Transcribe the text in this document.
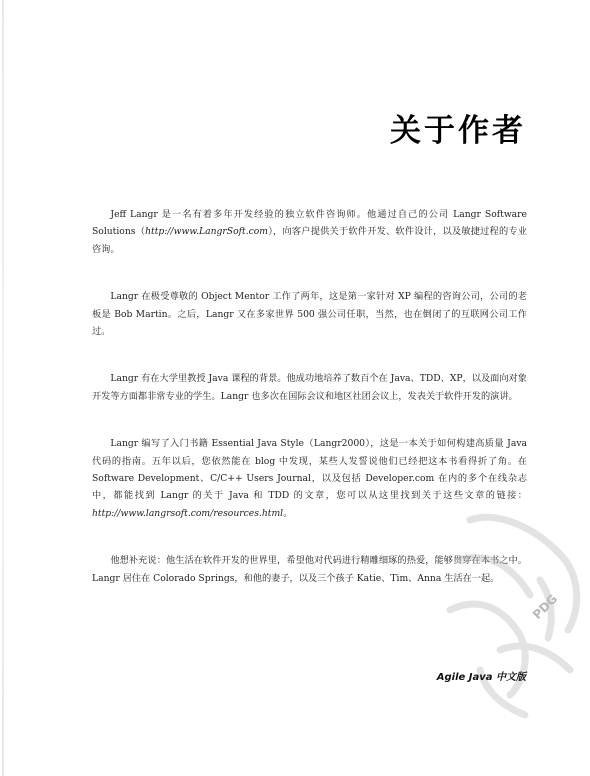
关于作者

Jeff Langr 是一名有着多年开发经验的独立软件咨询师。他通过自己的公司 Langr Software Solutions（http://www.LangrSoft.com），向客户提供关于软件开发、软件设计，以及敏捷过程的专业咨询。

Langr 在极受尊敬的 Object Mentor 工作了两年，这是第一家针对 XP 编程的咨询公司，公司的老板是 Bob Martin。之后，Langr 又在多家世界 500 强公司任职，当然，也在倒闭了的互联网公司工作过。

Langr 有在大学里教授 Java 课程的背景。他成功地培养了数百个在 Java、TDD、XP，以及面向对象开发等方面都非常专业的学生。Langr 也多次在国际会议和地区社团会议上，发表关于软件开发的演讲。

Langr 编写了入门书籍 Essential Java Style（Langr2000），这是一本关于如何构建高质量 Java 代码的指南。五年以后，您依然能在 blog 中发现，某些人发誓说他们已经把这本书看得折了角。在 Software Development、C/C++ Users Journal，以及包括 Developer.com 在内的多个在线杂志中，都能找到 Langr 的关于 Java 和 TDD 的文章，您可以从这里找到关于这些文章的链接：http://www.langrsoft.com/resources.html。

他想补充说：他生活在软件开发的世界里，希望他对代码进行精雕细琢的热爱，能够贯穿在本书之中。Langr 居住在 Colorado Springs，和他的妻子，以及三个孩子 Katie、Tim、Anna 生活在一起。

PDG
Agile Java 中文版
